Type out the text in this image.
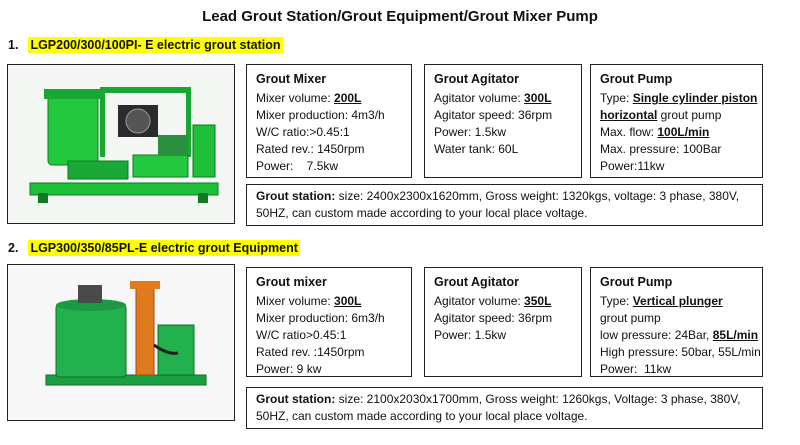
Lead Grout Station/Grout Equipment/Grout Mixer Pump
1. LGP200/300/100PI- E electric grout station
Grout Mixer
Mixer volume: 200L
Mixer production: 4m3/h
W/C ratio:>0.45:1
Rated rev.: 1450rpm
Power:    7.5kw
Grout Agitator
Agitator volume: 300L
Agitator speed: 36rpm
Power: 1.5kw
Water tank: 60L
Grout Pump
Type: Single cylinder piston
horizontal grout pump
Max. flow: 100L/min
Max. pressure: 100Bar
Power:11kw
Grout station: size: 2400x2300x1620mm, Gross weight: 1320kgs, voltage: 3 phase, 380V, 50HZ, can custom made according to your local place voltage.
2. LGP300/350/85PL-E electric grout Equipment
Grout mixer
Mixer volume: 300L
Mixer production: 6m3/h
W/C ratio>0.45:1
Rated rev. :1450rpm
Power: 9 kw
Grout Agitator
Agitator volume: 350L
Agitator speed: 36rpm
Power: 1.5kw
Grout Pump
Type: Vertical plunger grout pump
low pressure: 24Bar, 85L/min
High pressure: 50bar, 55L/min
Power:  11kw
Grout station: size: 2100x2030x1700mm, Gross weight: 1260kgs, Voltage: 3 phase, 380V, 50HZ, can custom made according to your local place voltage.
